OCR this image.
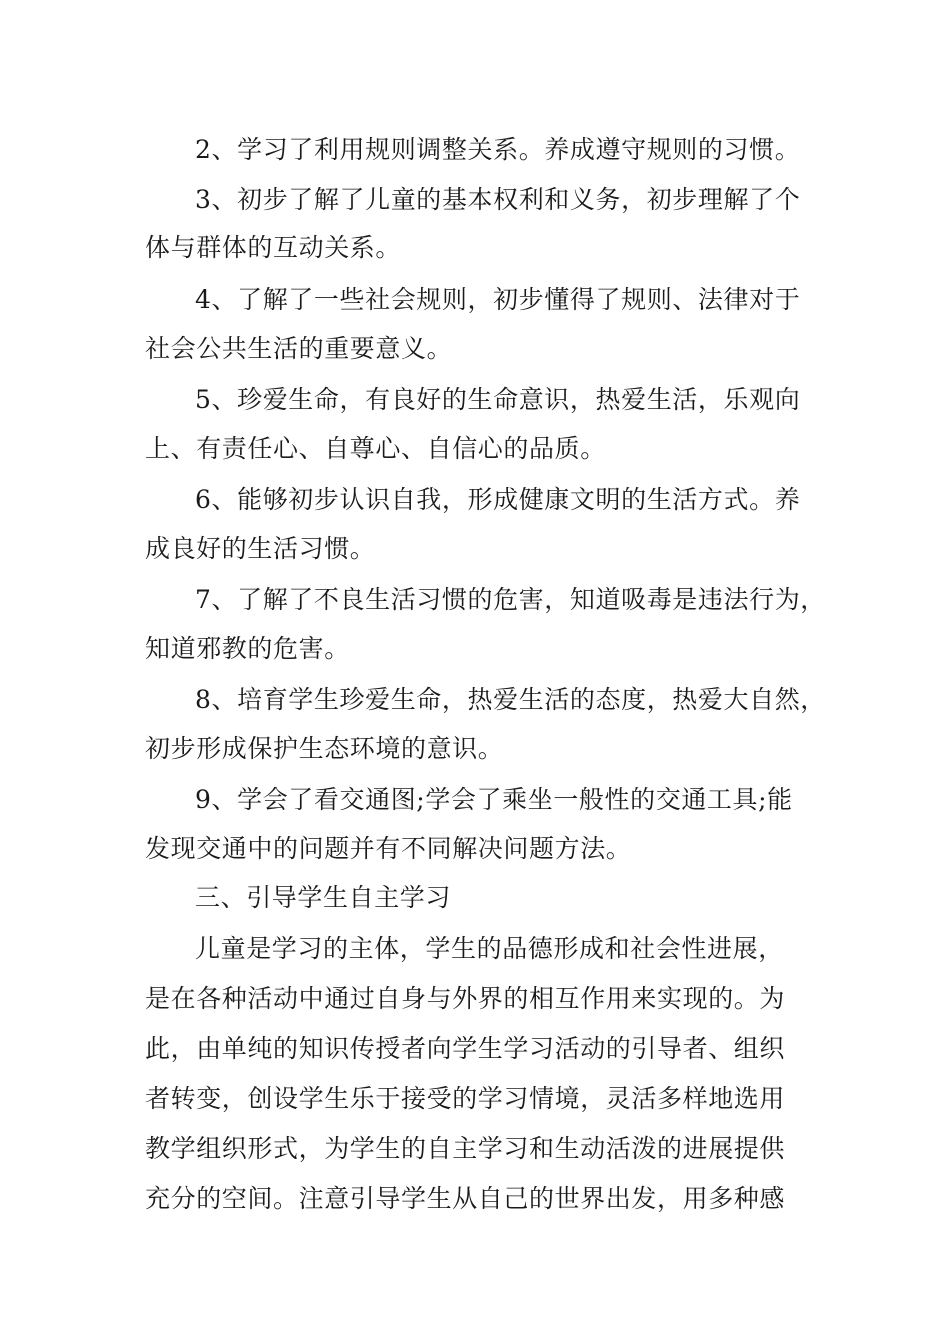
2、学习了利用规则调整关系。养成遵守规则的习惯。
3、初步了解了儿童的基本权利和义务，初步理解了个
体与群体的互动关系。
4、了解了一些社会规则，初步懂得了规则、法律对于
社会公共生活的重要意义。
5、珍爱生命，有良好的生命意识，热爱生活，乐观向
上、有责任心、自尊心、自信心的品质。
6、能够初步认识自我，形成健康文明的生活方式。养
成良好的生活习惯。
7、了解了不良生活习惯的危害，知道吸毒是违法行为，
知道邪教的危害。
8、培育学生珍爱生命，热爱生活的态度，热爱大自然，
初步形成保护生态环境的意识。
9、学会了看交通图;学会了乘坐一般性的交通工具;能
发现交通中的问题并有不同解决问题方法。
三、引导学生自主学习
儿童是学习的主体，学生的品德形成和社会性进展，
是在各种活动中通过自身与外界的相互作用来实现的。为
此，由单纯的知识传授者向学生学习活动的引导者、组织
者转变，创设学生乐于接受的学习情境，灵活多样地选用
教学组织形式，为学生的自主学习和生动活泼的进展提供
充分的空间。注意引导学生从自己的世界出发，用多种感
